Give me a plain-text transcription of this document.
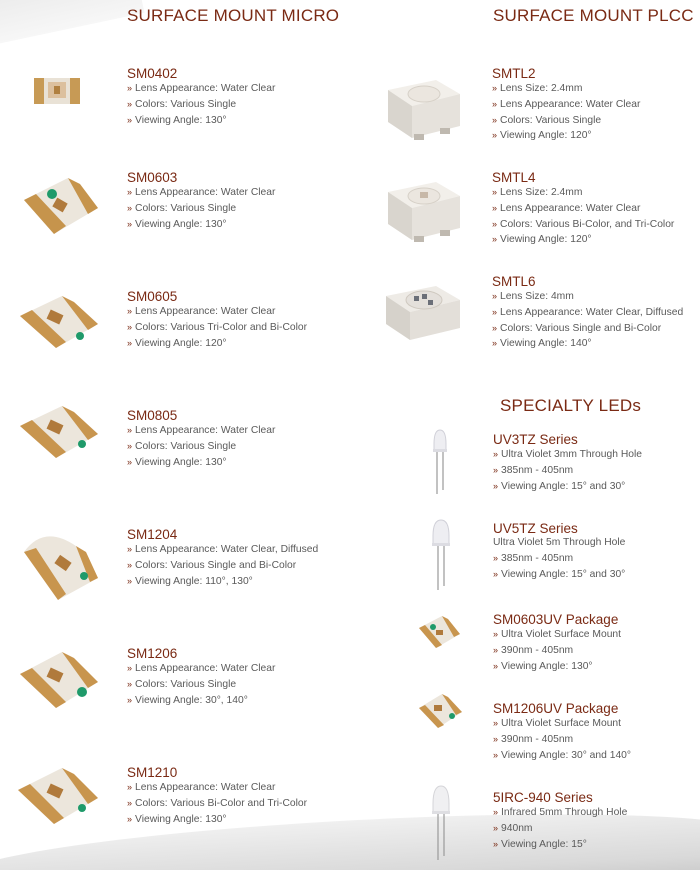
SURFACE MOUNT MICRO	SURFACE MOUNT PLCC
SPECIALTY LEDs
SM0402
» Lens Appearance: Water Clear
» Colors: Various Single
» Viewing Angle: 130°
SM0603
» Lens Appearance: Water Clear
» Colors: Various Single
» Viewing Angle: 130°
SM0605
» Lens Appearance: Water Clear
» Colors: Various Tri-Color and Bi-Color
» Viewing Angle: 120°
SM0805
» Lens Appearance: Water Clear
» Colors: Various Single
» Viewing Angle: 130°
SM1204
» Lens Appearance: Water Clear, Diffused
» Colors: Various Single and Bi-Color
» Viewing Angle: 110°, 130°
SM1206
» Lens Appearance: Water Clear
» Colors: Various Single
» Viewing Angle: 30°, 140°
SM1210
» Lens Appearance: Water Clear
» Colors: Various Bi-Color and Tri-Color
» Viewing Angle: 130°
SMTL2
» Lens Size: 2.4mm
» Lens Appearance: Water Clear
» Colors: Various Single
» Viewing Angle: 120°
SMTL4
» Lens Size: 2.4mm
» Lens Appearance: Water Clear
» Colors: Various Bi-Color, and Tri-Color
» Viewing Angle: 120°
SMTL6
» Lens Size: 4mm
» Lens Appearance: Water Clear, Diffused
» Colors: Various Single and Bi-Color
» Viewing Angle: 140°
UV3TZ Series
» Ultra Violet 3mm Through Hole
» 385nm - 405nm
» Viewing Angle: 15° and 30°
UV5TZ Series
Ultra Violet 5m Through Hole
» 385nm - 405nm
» Viewing Angle: 15° and 30°
SM0603UV Package
» Ultra Violet Surface Mount
» 390nm - 405nm
» Viewing Angle: 130°
SM1206UV Package
» Ultra Violet Surface Mount
» 390nm - 405nm
» Viewing Angle: 30° and 140°
5IRC-940 Series
» Infrared 5mm Through Hole
» 940nm
» Viewing Angle: 15°
